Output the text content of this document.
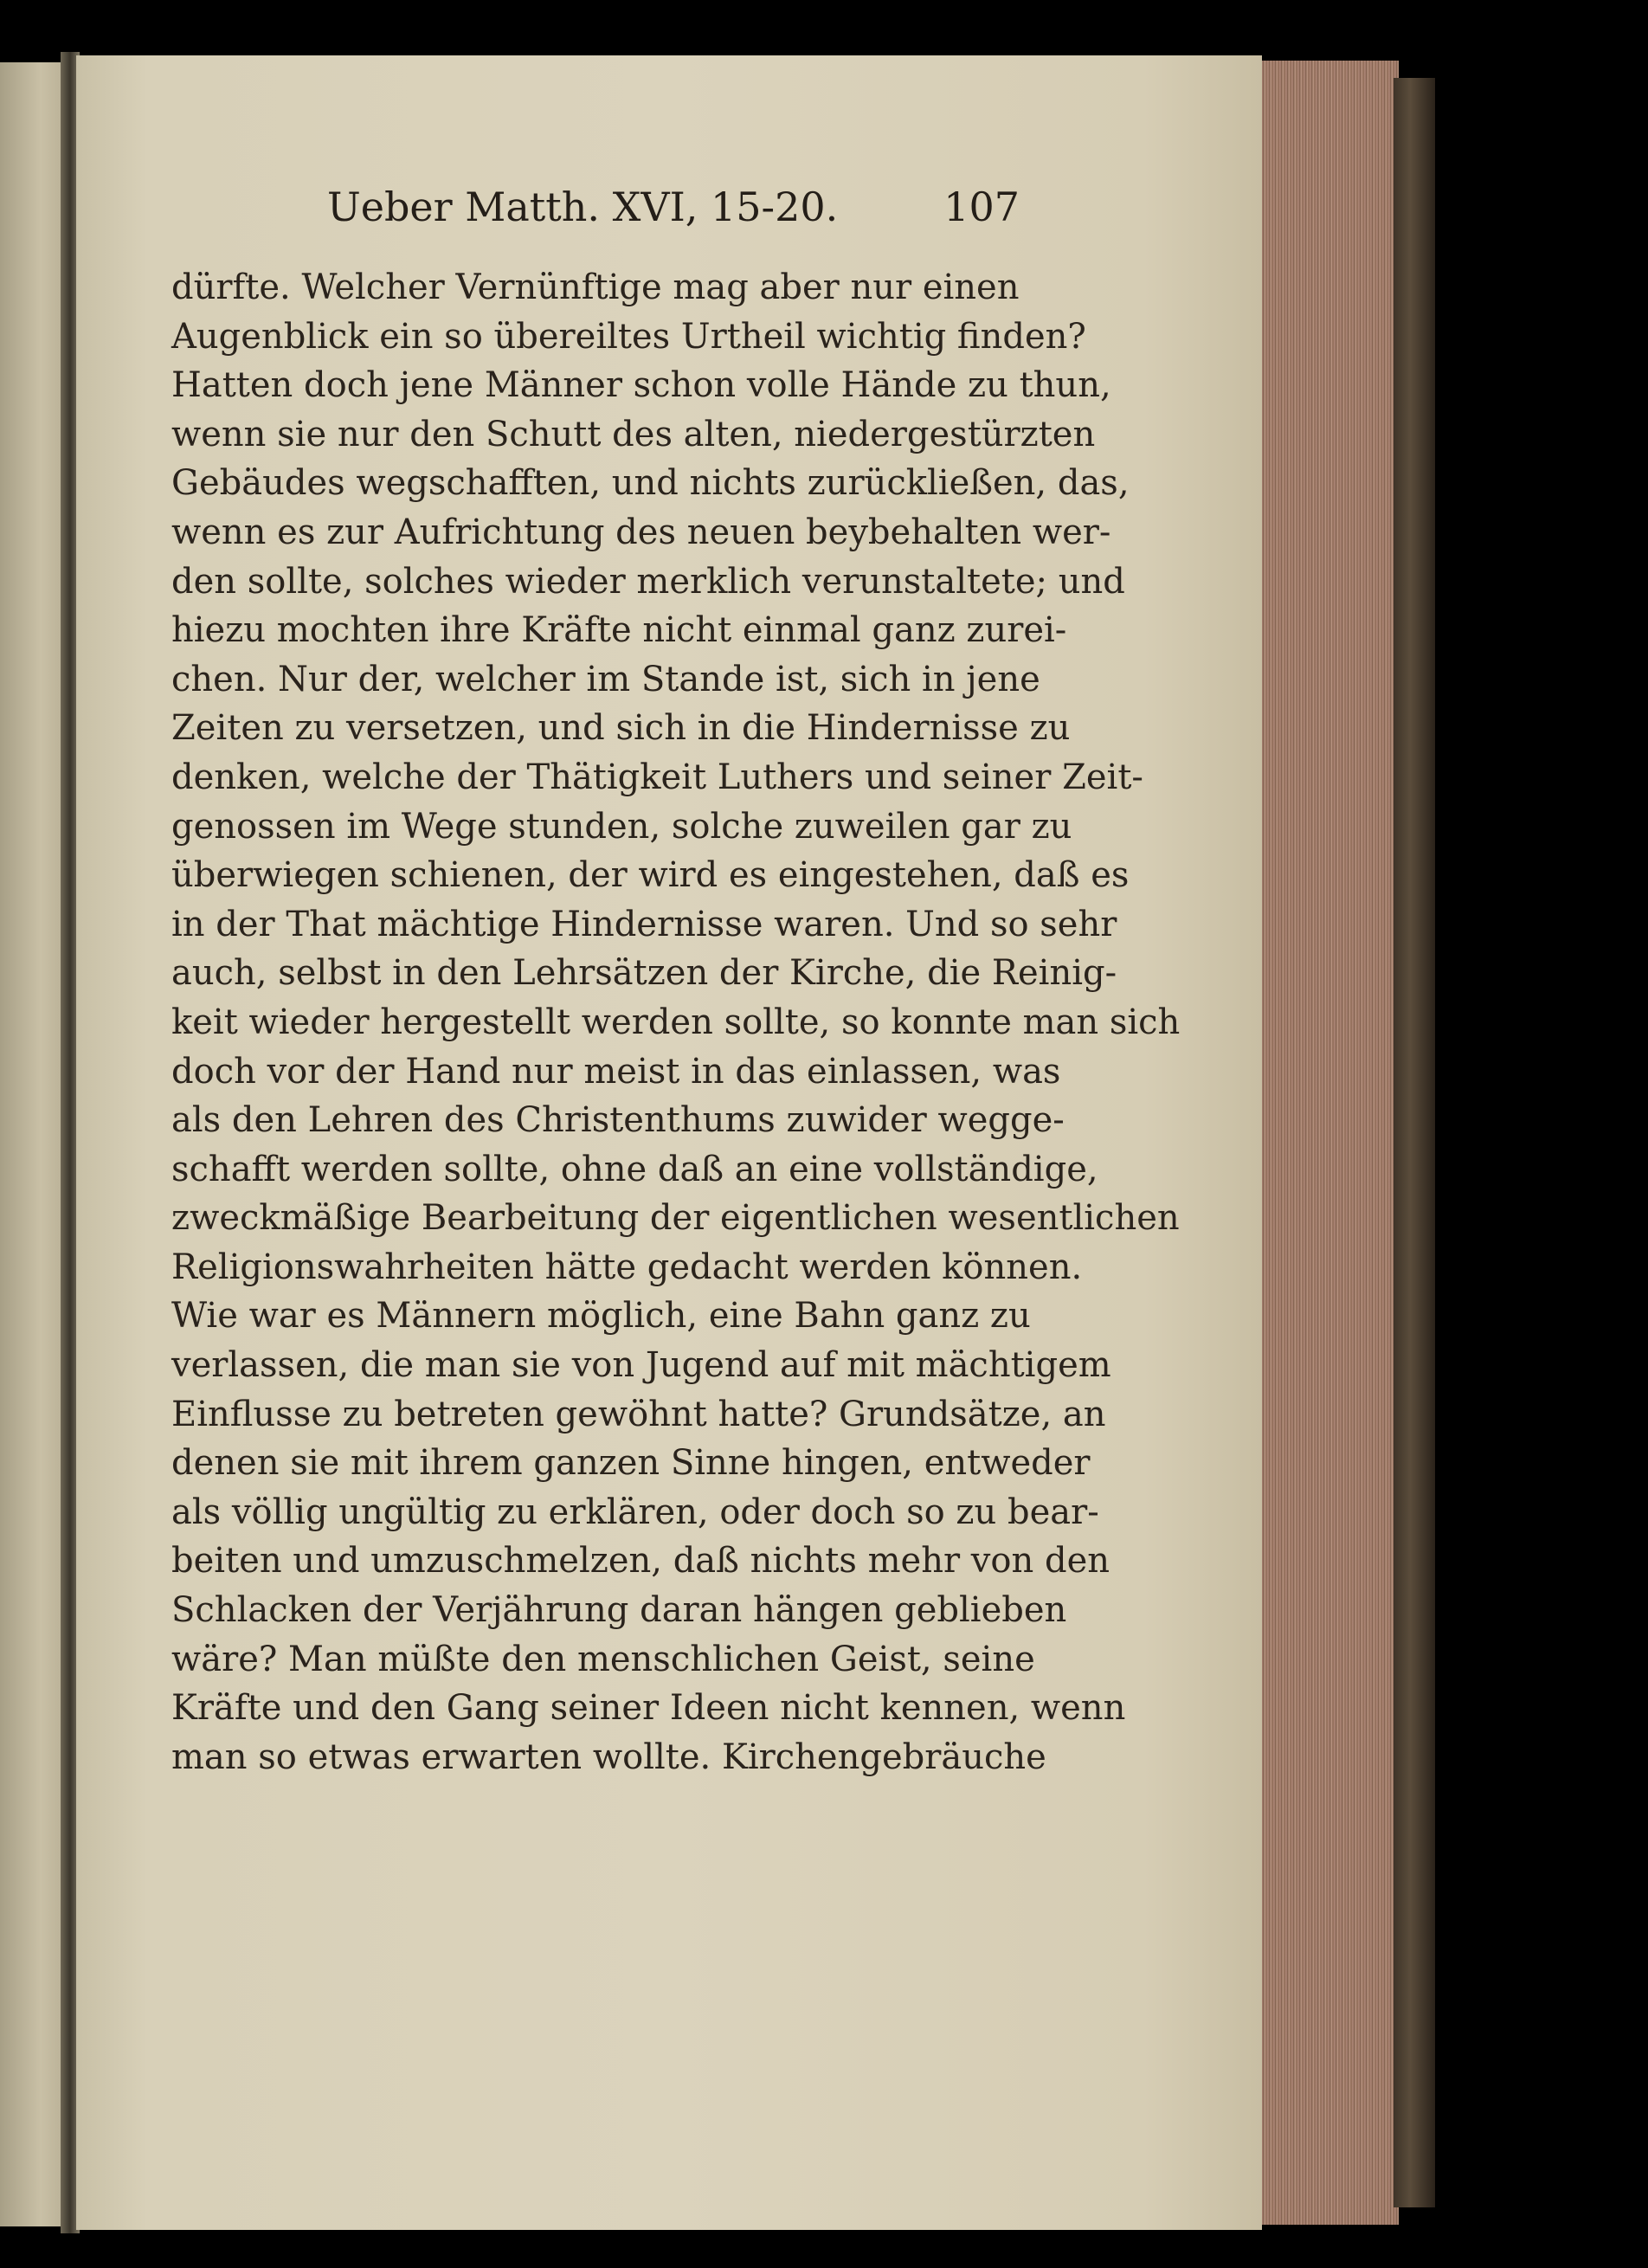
Ueber Matth. XVI, 15-20.	107
dürfte. Welcher Vernünftige mag aber nur einen
Augenblick ein so übereiltes Urtheil wichtig finden?
Hatten doch jene Männer schon volle Hände zu thun,
wenn sie nur den Schutt des alten, niedergestürzten
Gebäudes wegschafften, und nichts zurückließen, das,
wenn es zur Aufrichtung des neuen beybehalten wer-
den sollte, solches wieder merklich verunstaltete; und
hiezu mochten ihre Kräfte nicht einmal ganz zurei-
chen. Nur der, welcher im Stande ist, sich in jene
Zeiten zu versetzen, und sich in die Hindernisse zu
denken, welche der Thätigkeit Luthers und seiner Zeit-
genossen im Wege stunden, solche zuweilen gar zu
überwiegen schienen, der wird es eingestehen, daß es
in der That mächtige Hindernisse waren. Und so sehr
auch, selbst in den Lehrsätzen der Kirche, die Reinig-
keit wieder hergestellt werden sollte, so konnte man sich
doch vor der Hand nur meist in das einlassen, was
als den Lehren des Christenthums zuwider wegge-
schafft werden sollte, ohne daß an eine vollständige,
zweckmäßige Bearbeitung der eigentlichen wesentlichen
Religionswahrheiten hätte gedacht werden können.
Wie war es Männern möglich, eine Bahn ganz zu
verlassen, die man sie von Jugend auf mit mächtigem
Einflusse zu betreten gewöhnt hatte? Grundsätze, an
denen sie mit ihrem ganzen Sinne hingen, entweder
als völlig ungültig zu erklären, oder doch so zu bear-
beiten und umzuschmelzen, daß nichts mehr von den
Schlacken der Verjährung daran hängen geblieben
wäre? Man müßte den menschlichen Geist, seine
Kräfte und den Gang seiner Ideen nicht kennen, wenn
man so etwas erwarten wollte. Kirchengebräuche
